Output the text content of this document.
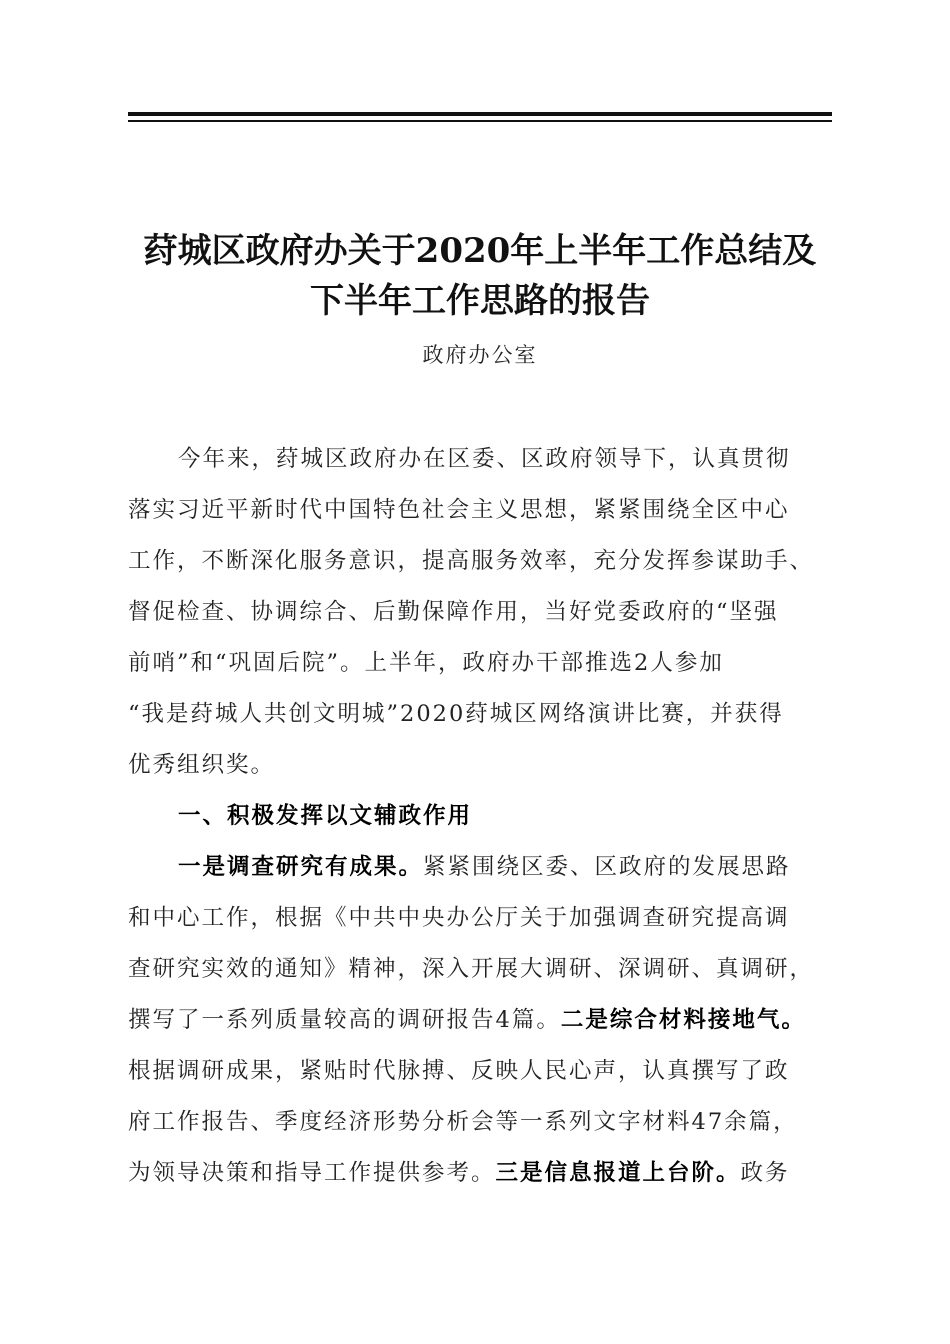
荮城区政府办关于2020年上半年工作总结及
下半年工作思路的报告
政府办公室
今年来，荮城区政府办在区委、区政府领导下，认真贯彻
落实习近平新时代中国特色社会主义思想，紧紧围绕全区中心
工作，不断深化服务意识，提高服务效率，充分发挥参谋助手、
督促检查、协调综合、后勤保障作用，当好党委政府的“坚强
前哨”和“巩固后院”。上半年，政府办干部推选2人参加
“我是荮城人共创文明城”2020荮城区网络演讲比赛，并获得
优秀组织奖。
一、积极发挥以文辅政作用
一是调查研究有成果。紧紧围绕区委、区政府的发展思路
和中心工作，根据《中共中央办公厅关于加强调查研究提高调
查研究实效的通知》精神，深入开展大调研、深调研、真调研，
撰写了一系列质量较高的调研报告4篇。二是综合材料接地气。
根据调研成果，紧贴时代脉搏、反映人民心声，认真撰写了政
府工作报告、季度经济形势分析会等一系列文字材料47余篇，
为领导决策和指导工作提供参考。三是信息报道上台阶。政务
